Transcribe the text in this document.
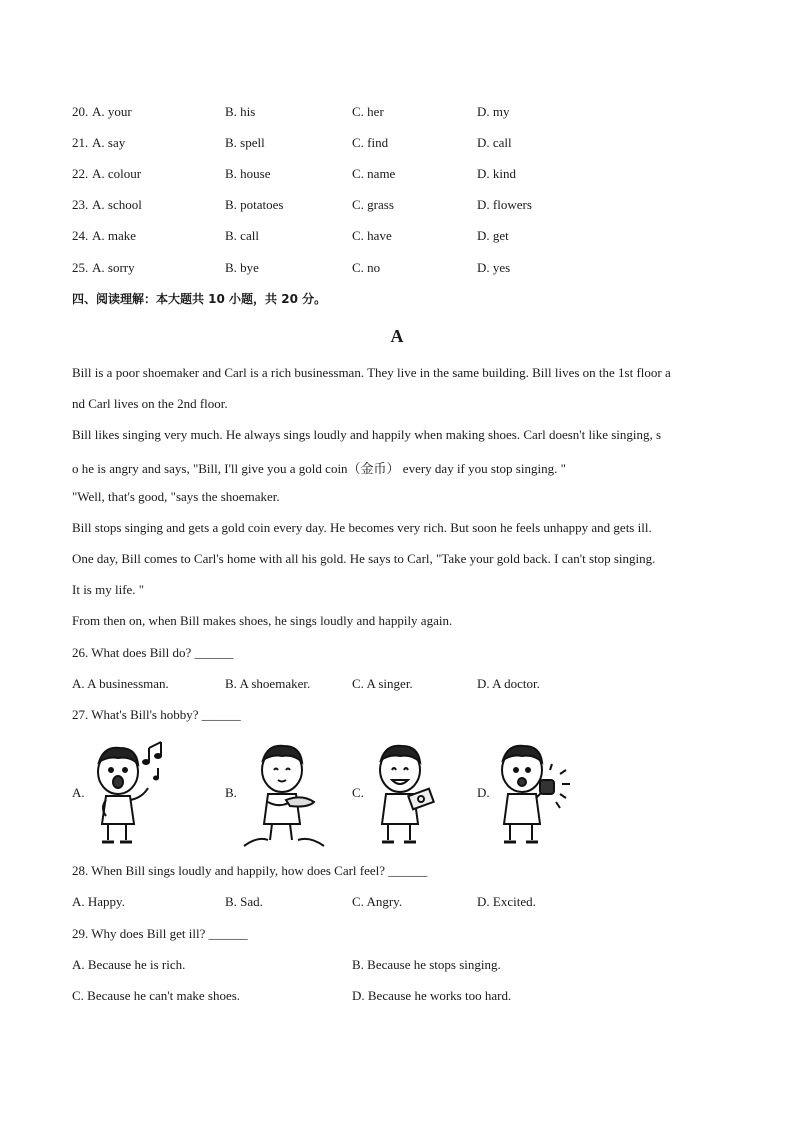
20. A. your	B. his	C. her	D. my
21. A. say	B. spell	C. find	D. call
22. A. colour	B. house	C. name	D. kind
23. A. school	B. potatoes	C. grass	D. flowers
24. A. make	B. call	C. have	D. get
25. A. sorry	B. bye	C. no	D. yes
四、阅读理解：本大题共 10 小题，共 20 分。
A
Bill is a poor shoemaker and Carl is a rich businessman. They live in the same building. Bill lives on the 1st floor a
nd Carl lives on the 2nd floor.
Bill likes singing very much. He always sings loudly and happily when making shoes. Carl doesn't like singing, s
o he is angry and says, "Bill, I'll give you a gold coin（金币） every day if you stop singing. "
"Well, that's good, "says the shoemaker.
Bill stops singing and gets a gold coin every day. He becomes very rich. But soon he feels unhappy and gets ill.
One day, Bill comes to Carl's home with all his gold. He says to Carl, "Take your gold back. I can't stop singing.
It is my life. "
From then on, when Bill makes shoes, he sings loudly and happily again.
26. What does Bill do? ______
A. A businessman.	B. A shoemaker.	C. A singer.	D. A doctor.
27. What's Bill's hobby? ______
A.	B.	C.	D.
28. When Bill sings loudly and happily, how does Carl feel? ______
A. Happy.	B. Sad.	C. Angry.	D. Excited.
29. Why does Bill get ill? ______
A. Because he is rich.	B. Because he stops singing.
C. Because he can't make shoes.	D. Because he works too hard.
